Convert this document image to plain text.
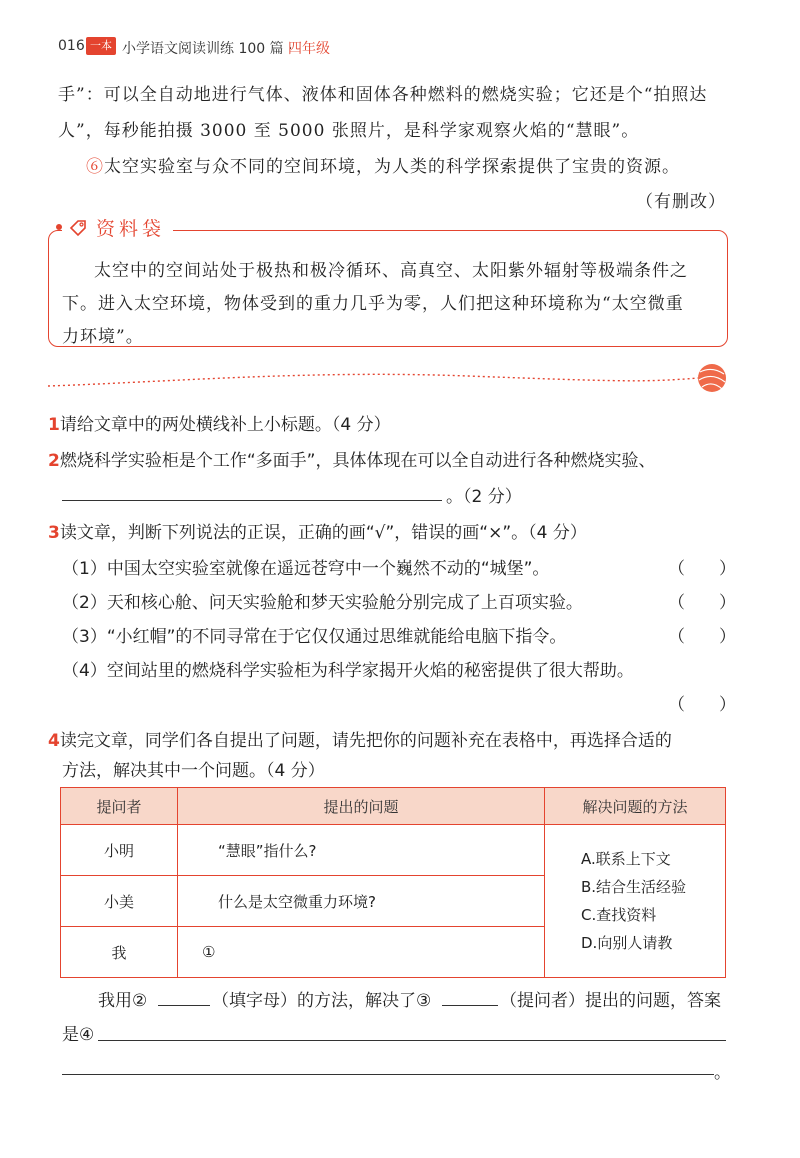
016 一本 小学语文阅读训练 100 篇 ·
四年级
手”：可以全自动地进行气体、液体和固体各种燃料的燃烧实验；它还是个“拍照达
人”，每秒能拍摄 3000 至 5000 张照片，是科学家观察火焰的“慧眼”。
⑥太空实验室与众不同的空间环境，为人类的科学探索提供了宝贵的资源。
（有删改）
资料袋
太空中的空间站处于极热和极冷循环、高真空、太阳紫外辐射等极端条件之
下。进入太空环境，物体受到的重力几乎为零，人们把这种环境称为“太空微重
力环境”。
1请给文章中的两处横线补上小标题。（4 分）
2燃烧科学实验柜是个工作“多面手”，具体体现在可以全自动进行各种燃烧实验、
。（2 分）
3读文章，判断下列说法的正误，正确的画“√”，错误的画“×”。（4 分）
（1）中国太空实验室就像在遥远苍穹中一个巍然不动的“城堡”。	（　　）
（2）天和核心舱、问天实验舱和梦天实验舱分别完成了上百项实验。	（　　）
（3）“小红帽”的不同寻常在于它仅仅通过思维就能给电脑下指令。	（　　）
（4）空间站里的燃烧科学实验柜为科学家揭开火焰的秘密提供了很大帮助。
（　　）
4读完文章，同学们各自提出了问题，请先把你的问题补充在表格中，再选择合适的
方法，解决其中一个问题。（4 分）
提问者	提出的问题	解决问题的方法
小明	“慧眼”指什么?	A.联系上下文
B.结合生活经验
C.查找资料
D.向别人请教

小美	什么是太空微重力环境?	
我	①	
我用②	（填字母）的方法，解决了③	（提问者）提出的问题，答案
是④
。
